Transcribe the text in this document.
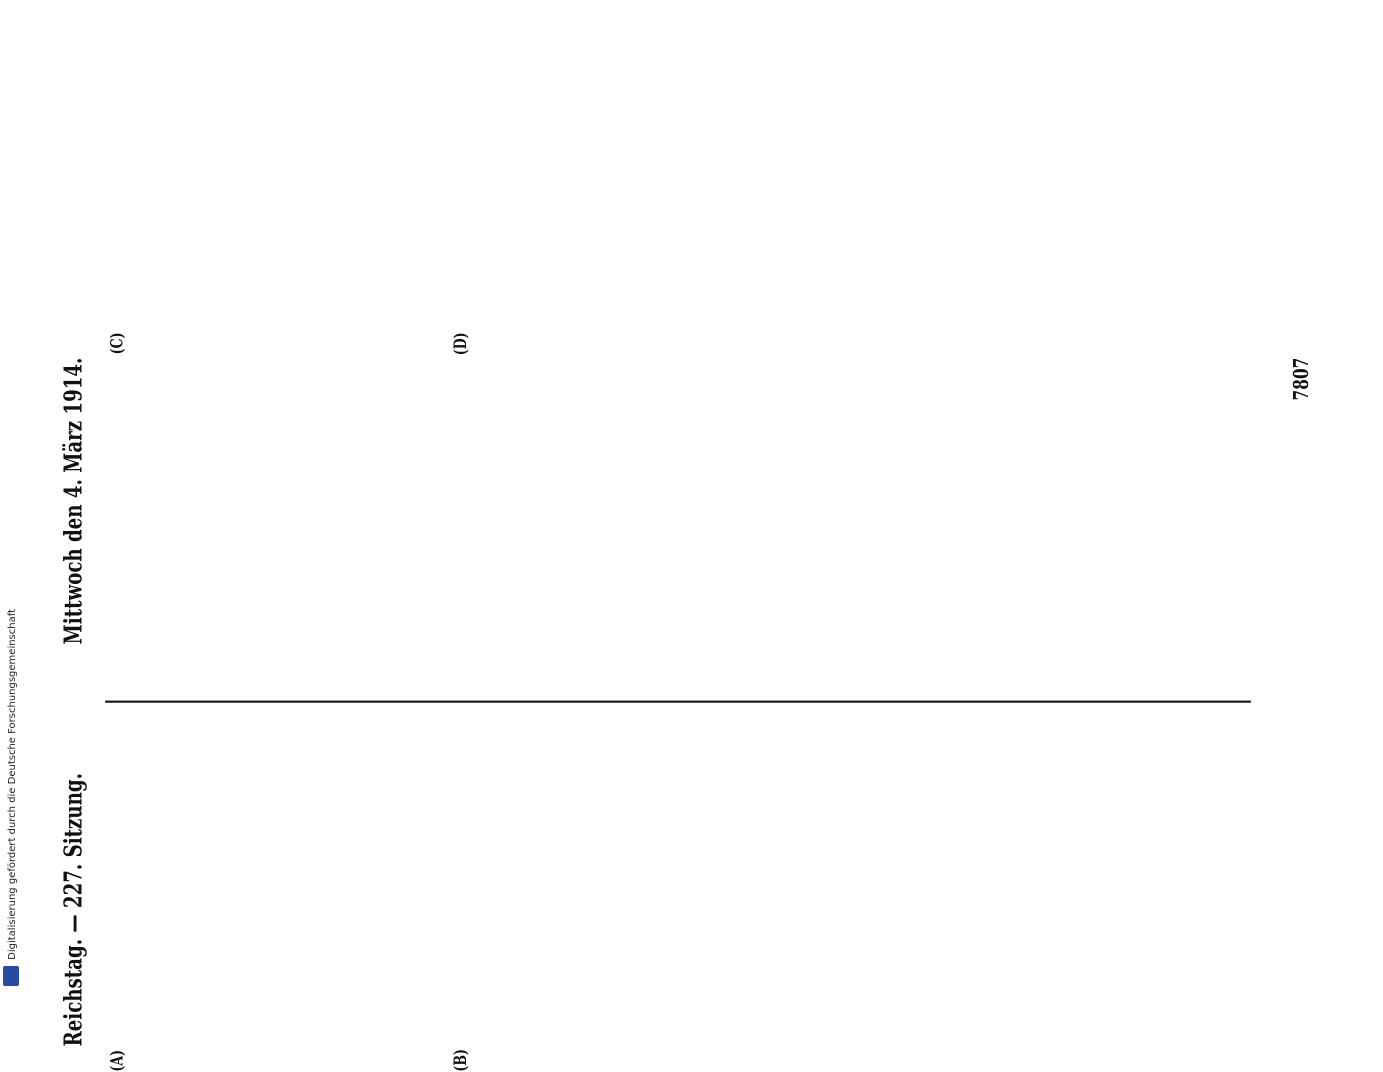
Digitalisierung gefördert durch die Deutsche Forschungsgemeinschaft Reichstag. — 227. Sitzung.
Mittwoch den 4. März 1914.
(A)	(B)
(C)	(D)
7807
